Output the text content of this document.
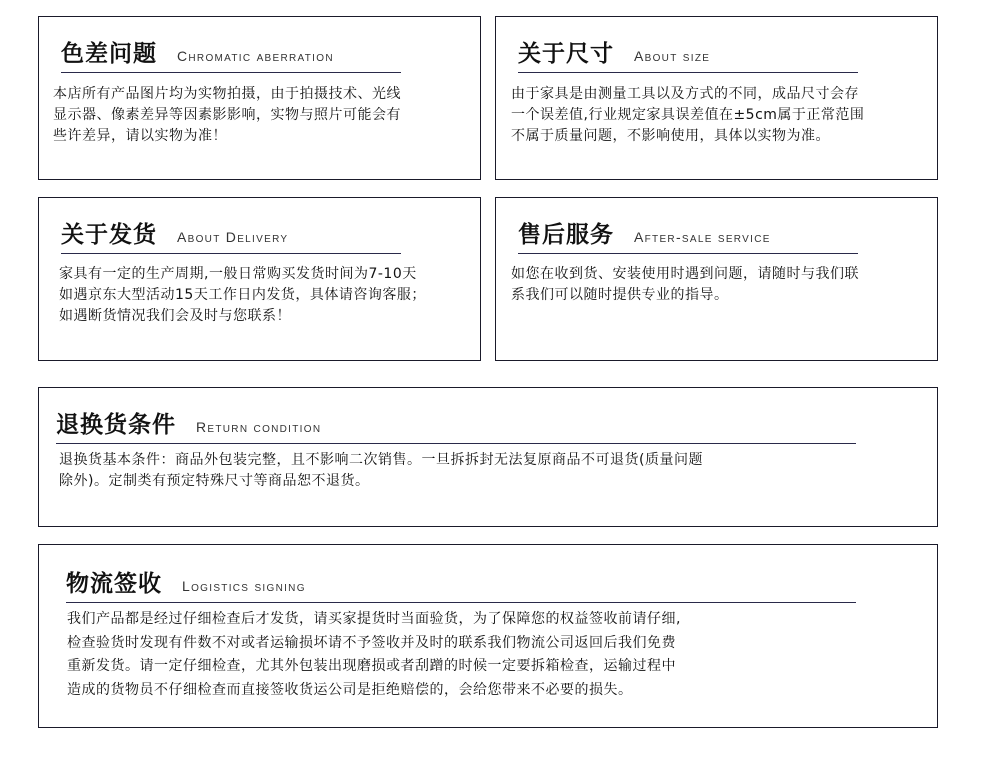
色差问题 Chromatic aberration
本店所有产品图片均为实物拍摄，由于拍摄技术、光线
显示器、像素差异等因素影影响，实物与照片可能会有
些许差异，请以实物为准！
关于尺寸 About size
由于家具是由测量工具以及方式的不同，成品尺寸会存
一个误差值,行业规定家具误差值在±5cm属于正常范围
不属于质量问题，不影响使用，具体以实物为准。
关于发货 About Delivery
家具有一定的生产周期,一般日常购买发货时间为7-10天
如遇京东大型活动15天工作日内发货，具体请咨询客服；
如遇断货情况我们会及时与您联系！
售后服务 After-sale service
如您在收到货、安装使用时遇到问题，请随时与我们联
系我们可以随时提供专业的指导。
退换货条件 Return condition
退换货基本条件：商品外包装完整，且不影响二次销售。一旦拆拆封无法复原商品不可退货(质量问题
除外)。定制类有预定特殊尺寸等商品恕不退货。
物流签收 Logistics signing
我们产品都是经过仔细检查后才发货，请买家提货时当面验货，为了保障您的权益签收前请仔细,
检查验货时发现有件数不对或者运输损坏请不予签收并及时的联系我们物流公司返回后我们免费
重新发货。请一定仔细检查，尤其外包装出现磨损或者刮蹭的时候一定要拆箱检查，运输过程中
造成的货物员不仔细检查而直接签收货运公司是拒绝赔偿的，会给您带来不必要的损失。
